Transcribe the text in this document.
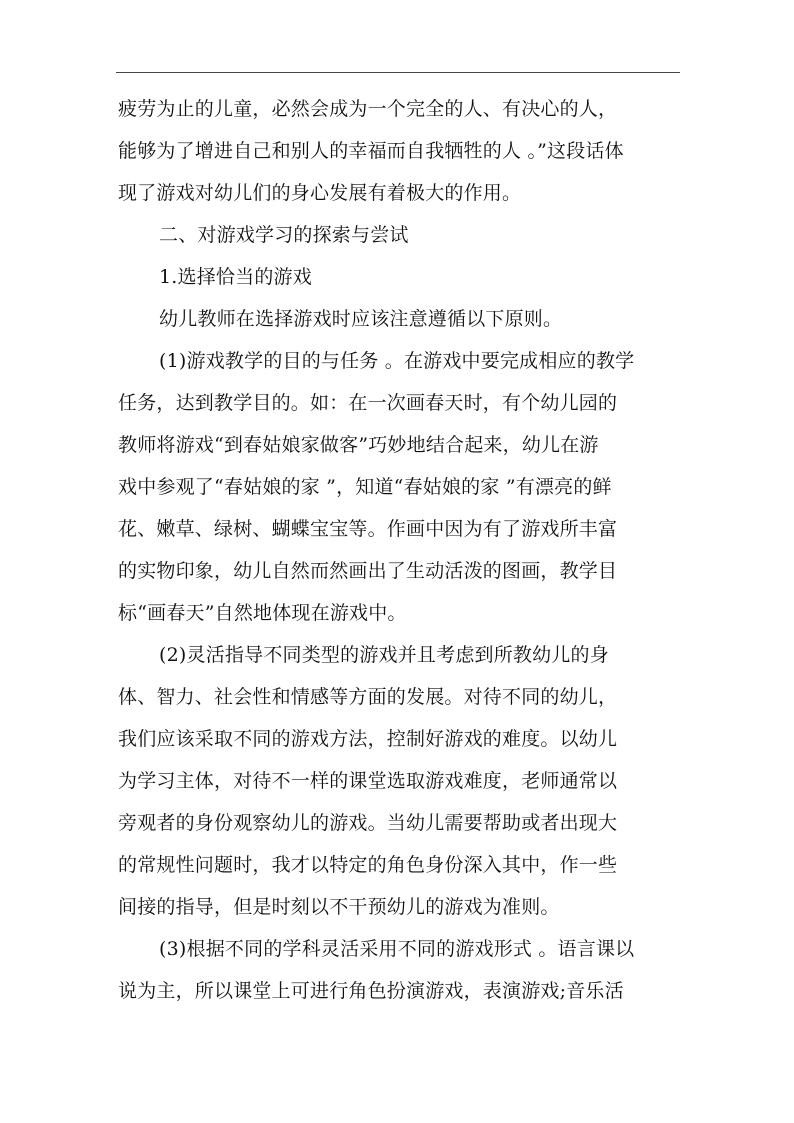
疲劳为止的儿童，必然会成为一个完全的人、有决心的人，
能够为了增进自己和别人的幸福而自我牺牲的人 。”这段话体
现了游戏对幼儿们的身心发展有着极大的作用。
二、对游戏学习的探索与尝试
1.选择恰当的游戏
幼儿教师在选择游戏时应该注意遵循以下原则。
(1)游戏教学的目的与任务 。在游戏中要完成相应的教学
任务，达到教学目的。如：在一次画春天时，有个幼儿园的
教师将游戏“到春姑娘家做客”巧妙地结合起来，幼儿在游
戏中参观了“春姑娘的家 ”，知道“春姑娘的家 ”有漂亮的鲜
花、嫩草、绿树、蝴蝶宝宝等。作画中因为有了游戏所丰富
的实物印象，幼儿自然而然画出了生动活泼的图画，教学目
标“画春天”自然地体现在游戏中。
(2)灵活指导不同类型的游戏并且考虑到所教幼儿的身
体、智力、社会性和情感等方面的发展。对待不同的幼儿，
我们应该采取不同的游戏方法，控制好游戏的难度。以幼儿
为学习主体，对待不一样的课堂选取游戏难度，老师通常以
旁观者的身份观察幼儿的游戏。当幼儿需要帮助或者出现大
的常规性问题时，我才以特定的角色身份深入其中，作一些
间接的指导，但是时刻以不干预幼儿的游戏为准则。
(3)根据不同的学科灵活采用不同的游戏形式 。语言课以
说为主，所以课堂上可进行角色扮演游戏，表演游戏;音乐活
